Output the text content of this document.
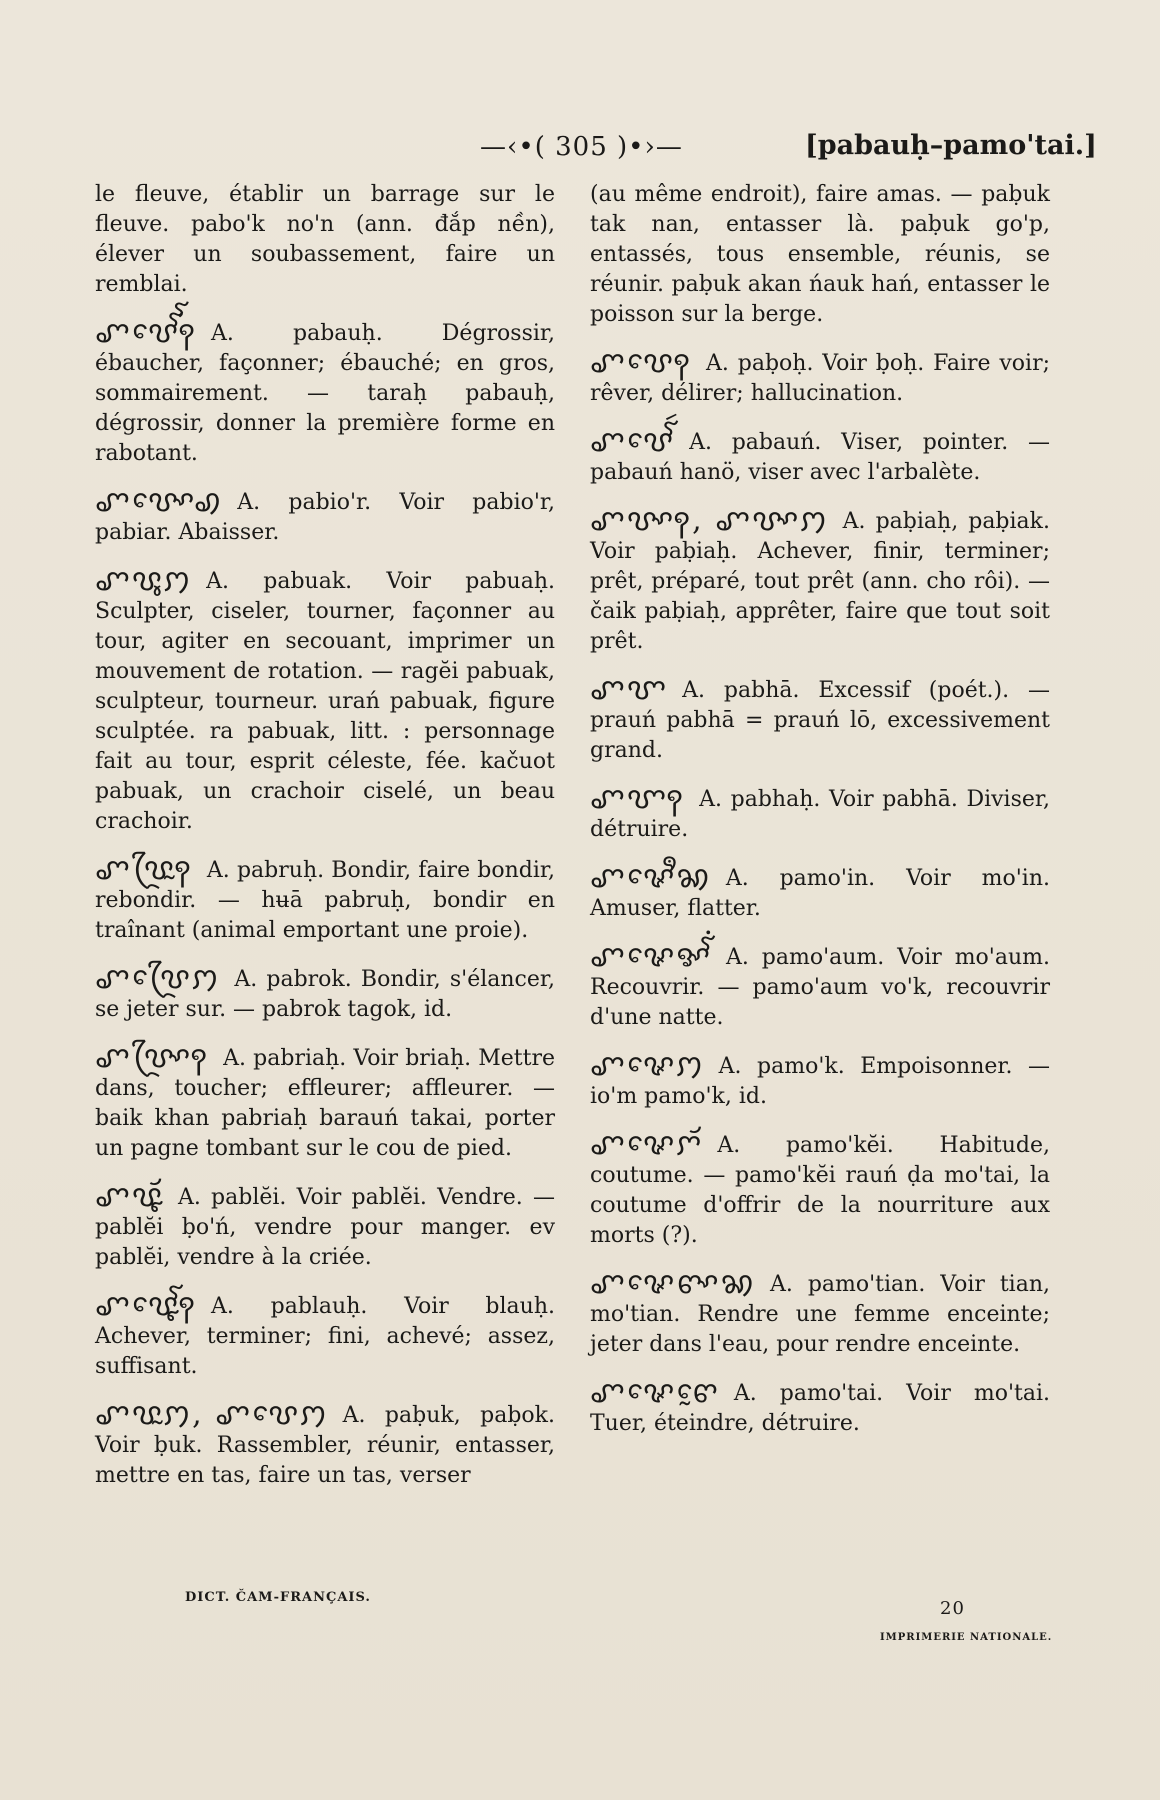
—‹•( 305 )•›—	[pabauḥ–pamo'tai.]

le fleuve, établir un barrage sur le fleuve. pabo'k no'n (ann. đắp nền), élever un soubassement, faire un remblai.

ꨚꨝꨯꨱꨱꩍ A. pabauḥ. Dégrossir, ébaucher, façonner; ébauché; en gros, sommairement. — taraḥ pabauḥ, dégrossir, donner la première forme en rabotant.

ꨚꨝꨳꨯꩉ A. pabio'r. Voir pabio'r, pabiar. Abaisser.

ꨚꨝꨶꩀ A. pabuak. Voir pabuaḥ. Sculpter, ciseler, tourner, façonner au tour, agiter en secouant, imprimer un mouvement de rotation. — ragĕi pabuak, sculpteur, tourneur. urań pabuak, figure sculptée. ra pabuak, litt. : personnage fait au tour, esprit céleste, fée. kačuot pabuak, un crachoir ciselé, un beau crachoir.

ꨚꨝꨴꨭꩍ A. pabruḥ. Bondir, faire bondir, rebondir. — hʉā pabruḥ, bondir en traînant (animal emportant une proie).

ꨚꨝꨴꨯꩀ A. pabrok. Bondir, s'élancer, se jeter sur. — pabrok tagok, id.

ꨚꨝꨴꨳꩍ A. pabriaḥ. Voir briaḥ. Mettre dans, toucher; effleurer; affleurer. — baik khan pabriaḥ barauń takai, porter un pagne tombant sur le cou de pied.

ꨚꨝꨵꨮ A. pablĕi. Voir pablĕi. Vendre. — pablĕi ḅo'ń, vendre pour manger. ev pablĕi, vendre à la criée.

ꨚꨝꨵꨯꨱꩍ A. pablauḥ. Voir blauḥ. Achever, terminer; fini, achevé; assez, suffisant.

ꨚꨝꨭꩀ, ꨚꨝꨯꩀ A. paḅuk, paḅok. Voir ḅuk. Rassembler, réunir, entasser, mettre en tas, faire un tas, verser

(au même endroit), faire amas. — paḅuk tak nan, entasser là. paḅuk go'p, entassés, tous ensemble, réunis, se réunir. paḅuk akan ńauk hań, entasser le poisson sur la berge.

ꨚꨝꨯꩍ A. paḅoḥ. Voir ḅoḥ. Faire voir; rêver, délirer; hallucination.

ꨚꨝꨯꨱꩃ A. pabauń. Viser, pointer. — pabauń hanö, viser avec l'arbalète.

ꨚꨝꨳꩍ, ꨚꨝꨳꩀ A. paḅiaḥ, paḅiak. Voir paḅiaḥ. Achever, finir, terminer; prêt, préparé, tout prêt (ann. cho rôi). — čaik paḅiaḥ, apprêter, faire que tout soit prêt.

ꨚꨞ A. pabhā. Excessif (poét.). — prauń pabhā = prauń lō, excessivement grand.

ꨚꨞꩍ A. pabhaḥ. Voir pabhā. Diviser, détruire.

ꨚꨟꨯꨫꩆ A. pamo'in. Voir mo'in. Amuser, flatter.

ꨚꨟꨯꨀꨱꩌ A. pamo'aum. Voir mo'aum. Recouvrir. — pamo'aum vo'k, recouvrir d'une natte.

ꨚꨟꨯꩀ A. pamo'k. Empoisonner. — io'm pamo'k, id.

ꨚꨟꨯꨆꨮ A. pamo'kĕi. Habitude, coutume. — pamo'kĕi rauń ḍa mo'tai, la coutume d'offrir de la nourriture aux morts (?).

ꨚꨟꨯꨓꨳꩆ A. pamo'tian. Voir tian, mo'tian. Rendre une femme enceinte; jeter dans l'eau, pour rendre enceinte.

ꨚꨟꨯꨓꨰ A. pamo'tai. Voir mo'tai. Tuer, éteindre, détruire.

DICT. ČAM-FRANÇAIS.
20
IMPRIMERIE NATIONALE.
